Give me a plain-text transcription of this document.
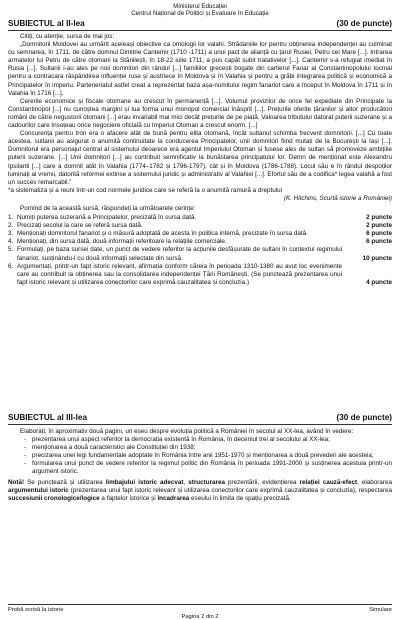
Ministerul Educației
Centrul Național de Politici și Evaluare în Educație
SUBIECTUL al II-lea	(30 de puncte)

Citiți, cu atenție, sursa de mai jos:

„Domnitorii Moldovei au urmărit aceleași obiective ca omologii lor valahi. Strădaniile lor pentru obținerea independenței au culminat cu semnarea, în 1711, de către domnul Dimitrie Cantemir (1710 -1711) a unui pact de alianță cu țarul Rusiei, Petru cel Mare [...]. Intrarea armatelor lui Petru de către otomani la Stănilești, în 18-22 iulie 1711, a pus capăt subit tratativelor [...]. Cantemir s-a refugiat imediat în Rusia [...]. Sultanii i-au ales pe noii domnitori din rândul [...] familiilor grecești bogate din cartierul Fanar al Constantinopolului tocmai pentru a contracara răspândirea influenței ruse și austriece în Moldova și în Valahia și pentru a grăbi integrarea politică și economică a Principatelor în imperiu. Parteneriatul astfel creat a reprezentat baza așa-numitului regim fanariot care a început în Moldova în 1711 și în Valahia în 1716 [...].

Cererile economice și fiscale otomane au crescut în permanență [...]. Volumul provizilor de orice fel expediate din Principate la Constantinopol [...] nu cunoștea margini și lua forma unui monopol comercial înăsprit [...]. Prețurile oferite țăranilor și altor producători români de către negustorii otomani [...] erau invariabil mai mici decât prețurile de pe piață. Valoarea tributului datorat puterii suzerane și a cadourilor care însoțeau orice negociere oficială cu Imperiul Otoman a crescut enorm. [...]

Concurența pentru tron era o afacere atât de bună pentru elita otomană, încât sultanul schimba frecvent domnitorii. [...] Cu toate acestea, sultanii au asigurat o anumită continuitate la conducerea Principatelor, unii domnitori fiind mutați de la București la Iași [...]. Domnitorul era personajul central al sistemului deoarece era agentul Imperiului Otoman și fusese ales de sultan să promoveze ambițiile puterii suzerane. [...] Unii domnitori [...] au contribuit semnificativ la bunăstarea principatului lor. Demn de menționat este Alexandru Ipsilanti [...] care a domnit atât în Valahia (1774–1782 și 1796-1797), cât și în Moldova (1786-1788). Locul său e în rândul despoților luminați ai vremii, datorită reformei extinse a sistemului juridic și administrativ al Valahiei [...]. Efortul său de a codifica* legea valahă a fost un succes remarcabil.”

*a sistematiza și a reuni într-un cod normele juridice care se referă la o anumită ramură a dreptului

(K. Hitchins, Scurtă istorie a României)

Pornind de la această sursă, răspundeți la următoarele cerințe:

1. Numiți puterea suzerană a Principatelor, precizată în sursa dată.	2 puncte
2. Precizați secolul la care se referă sursa dată.	2 puncte
3. Menționați domnitorul fanariot și o măsură adoptată de acesta în politica internă, precizate în sursa dată.	6 puncte
4. Menționați, din sursa dată, două informații referitoare la relațiile comerciale.	6 puncte
5. Formulați, pe baza sursei date, un punct de vedere referitor la acțiunile desfășurate de sultani în contextul regimului fanariot, susținându-l cu două informații selectate din sursă.	10 puncte
6. Argumentați, printr-un fapt istoric relevant, afirmația conform căreia în perioada 1310-1380 au avut loc evenimente care au contribuit la obținerea sau la consolidarea independenței Țării Românești. (Se punctează prezentarea unui fapt istoric relevant și utilizarea conectorilor care exprimă cauzalitatea și concluzia.)	4 puncte
SUBIECTUL al III-lea	(30 de puncte)

Elaborați, în aproximativ două pagini, un eseu despre evoluția politică a României în secolul al XX-lea, având în vedere:

- prezentarea unui aspect referitor la democrația existentă în România, în deceniul trei al secolului al XX-lea;
- menționarea a două caracteristici ale Constituției din 1938;
- precizarea unei legi fundamentale adoptate în România între anii 1951-1970 și menționarea a două prevederi ale acesteia;
- formularea unui punct de vedere referitor la regimul politic din România în perioada 1991-2000 și susținerea acestuia printr-un argument istoric.

Notă! Se punctează și utilizarea limbajului istoric adecvat, structurarea prezentării, evidențierea relației cauză-efect, elaborarea argumentului istoric (prezentarea unui fapt istoric relevant și utilizarea conectorilor care exprimă cauzalitatea și concluzia), respectarea succesiunii cronologice/logice a faptelor istorice și încadrarea eseului în limita de spațiu precizată.

Probă scrisă la istorie	Simulare
Pagina 2 din 2
